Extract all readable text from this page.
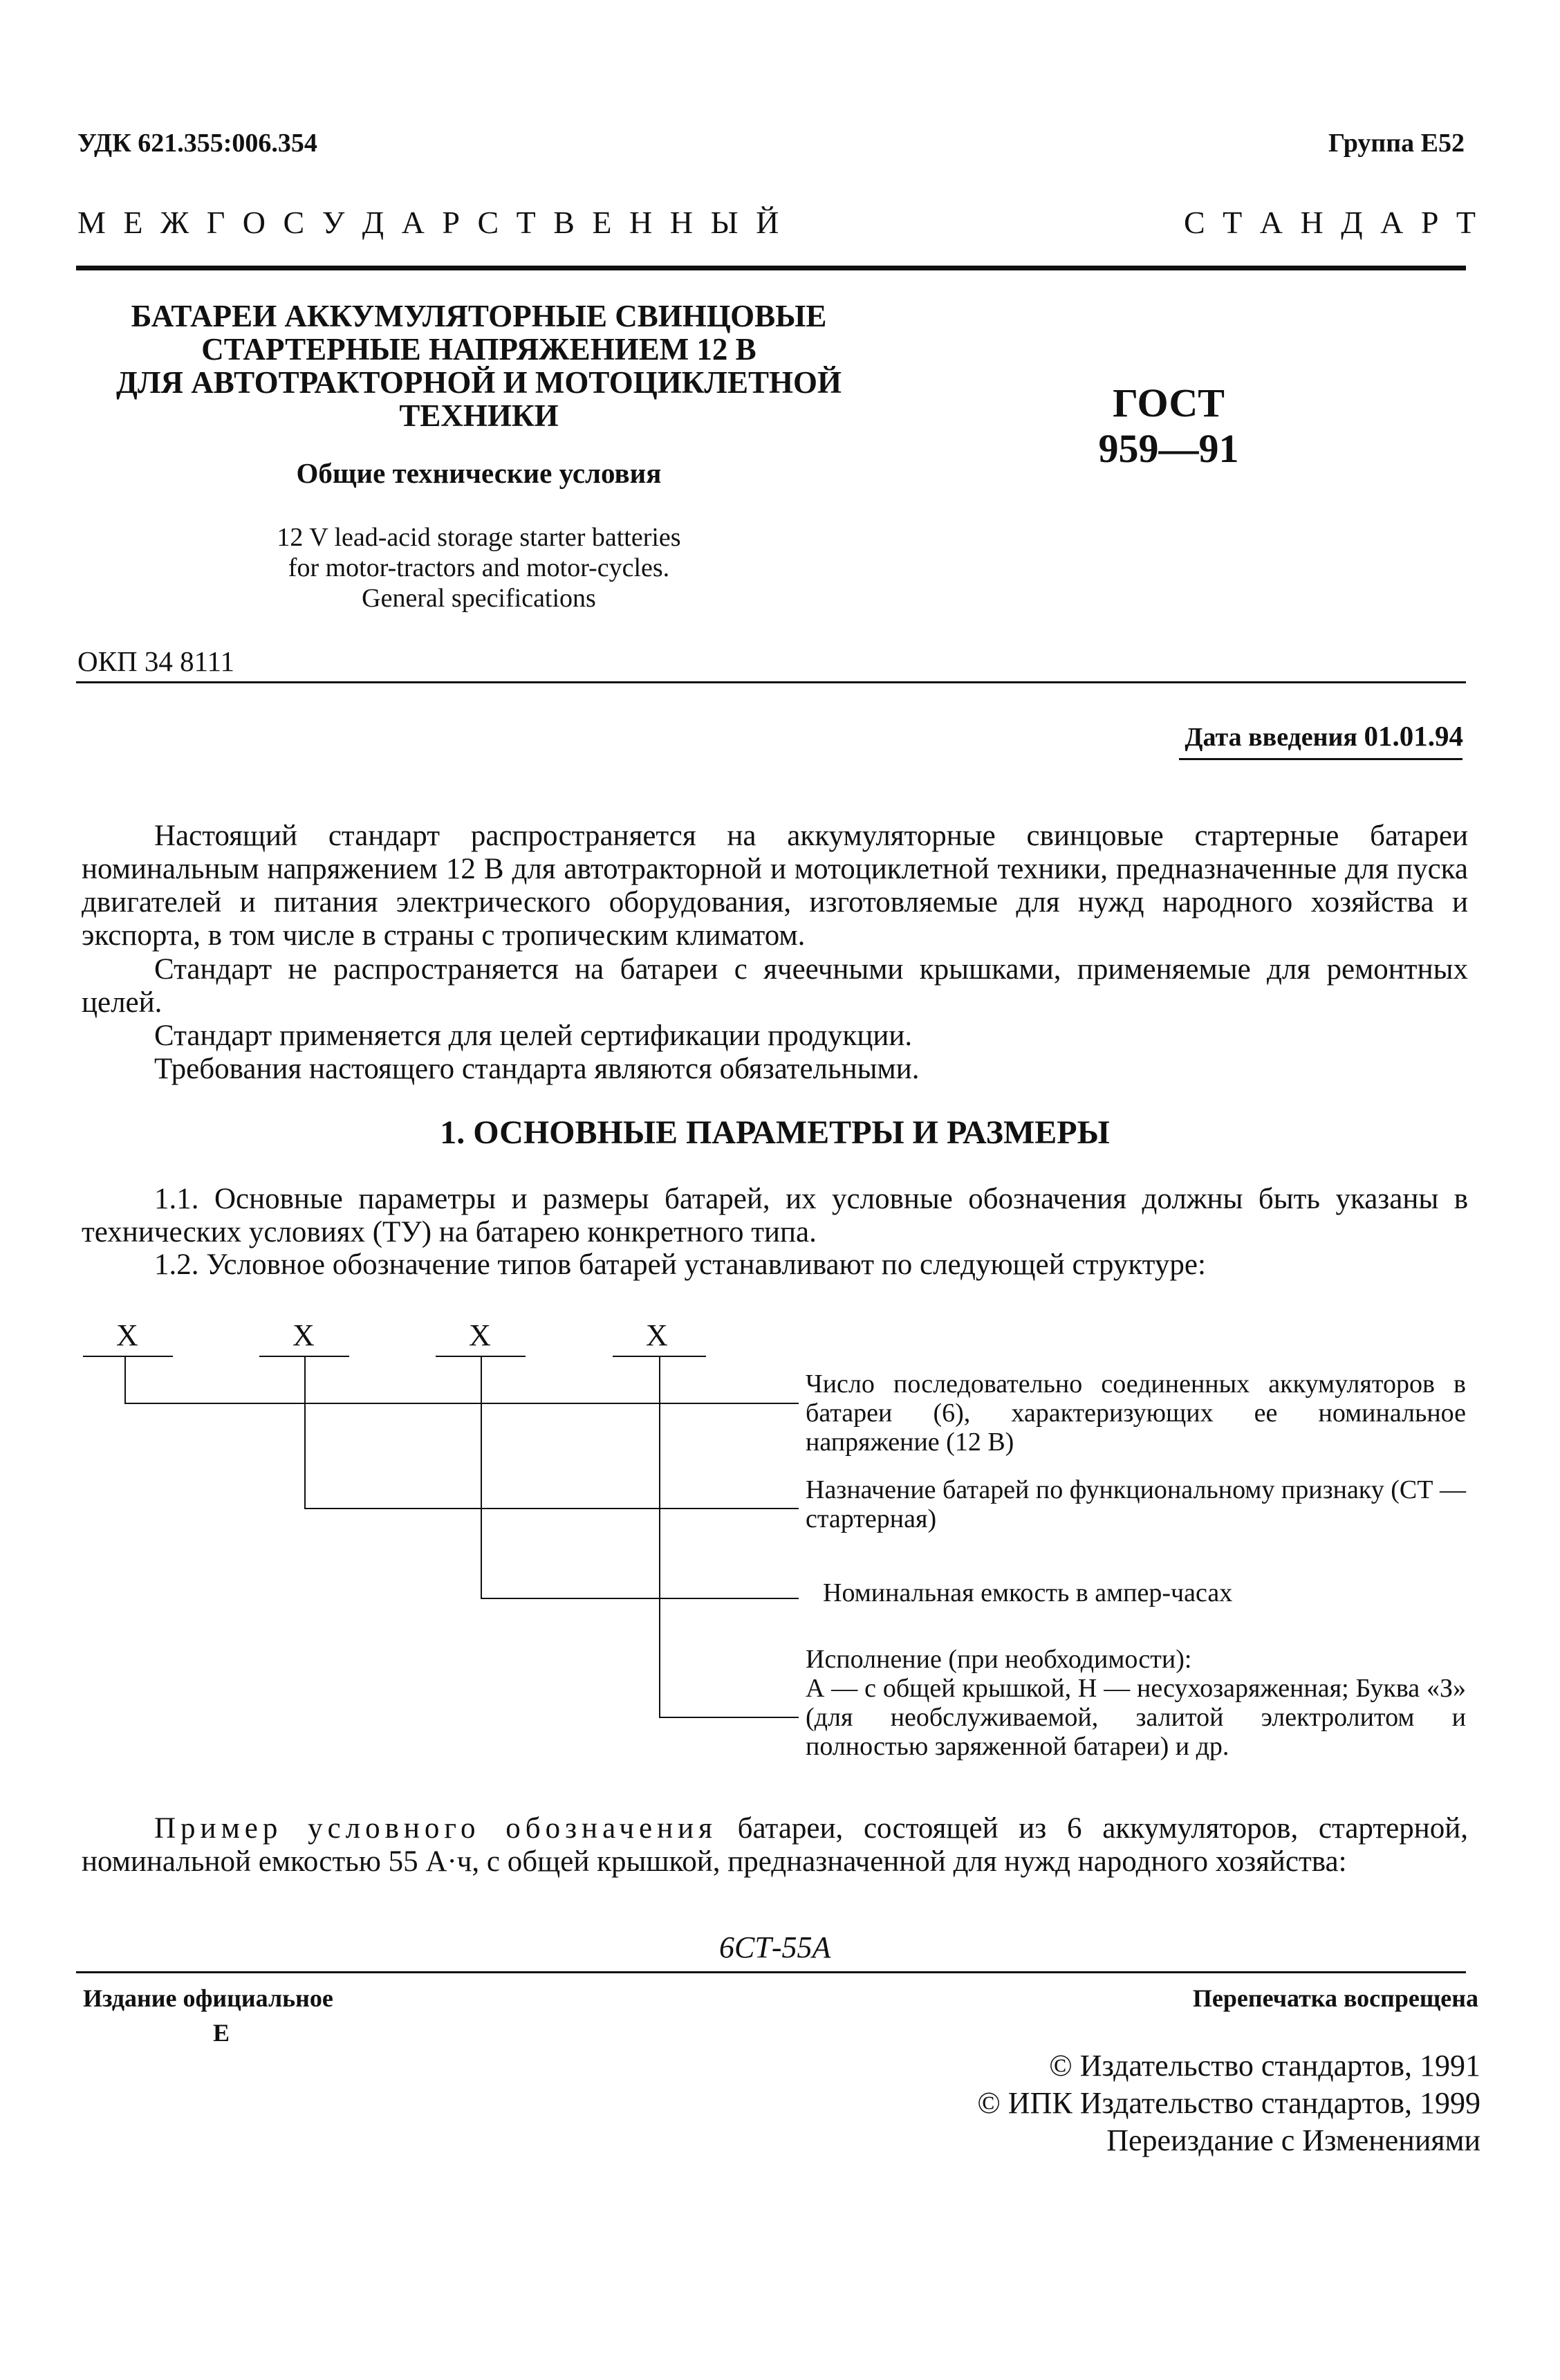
УДК 621.355:006.354	Группа Е52
М Е Ж Г О С У Д А Р С Т В Е Н Н Ы Й	С Т А Н Д А Р Т
БАТАРЕИ АККУМУЛЯТОРНЫЕ СВИНЦОВЫЕ
СТАРТЕРНЫЕ НАПРЯЖЕНИЕМ 12 В
ДЛЯ АВТОТРАКТОРНОЙ И МОТОЦИКЛЕТНОЙ
ТЕХНИКИ
Общие технические условия
12 V lead-acid storage starter batteries
for motor-tractors and motor-cycles.
General specifications
ГОСТ
959—91
ОКП 34 8111
Дата введения 01.01.94
Настоящий стандарт распространяется на аккумуляторные свинцовые стартерные батареи номинальным напряжением 12 В для автотракторной и мотоциклетной техники, предназначенные для пуска двигателей и питания электрического оборудования, изготовляемые для нужд народного хозяйства и экспорта, в том числе в страны с тропическим климатом.
Стандарт не распространяется на батареи с ячеечными крышками, применяемые для ремонтных целей.
Стандарт применяется для целей сертификации продукции.
Требования настоящего стандарта являются обязательными.
1. ОСНОВНЫЕ ПАРАМЕТРЫ И РАЗМЕРЫ
1.1. Основные параметры и размеры батарей, их условные обозначения должны быть указаны в технических условиях (ТУ) на батарею конкретного типа.
1.2. Условное обозначение типов батарей устанавливают по следующей структуре:
Х	Х	Х	Х
Число последовательно соединенных аккумуляторов в батареи (6), характеризующих ее номинальное напряжение (12 В)
Назначение батарей по функциональному признаку (СТ — стартерная)
Номинальная емкость в ампер-часах
Исполнение (при необходимости):
А — с общей крышкой, Н — несухозаряженная; Буква «З» (для необслуживаемой, залитой электролитом и полностью заряженной батареи) и др.
Пример условного обозначения батареи, состоящей из 6 аккумуляторов, стартерной, номинальной емкостью 55 А·ч, с общей крышкой, предназначенной для нужд народного хозяйства:
6СТ-55А
Издание официальное
Е
Перепечатка воспрещена
© Издательство стандартов, 1991
© ИПК Издательство стандартов, 1999
Переиздание с Изменениями
